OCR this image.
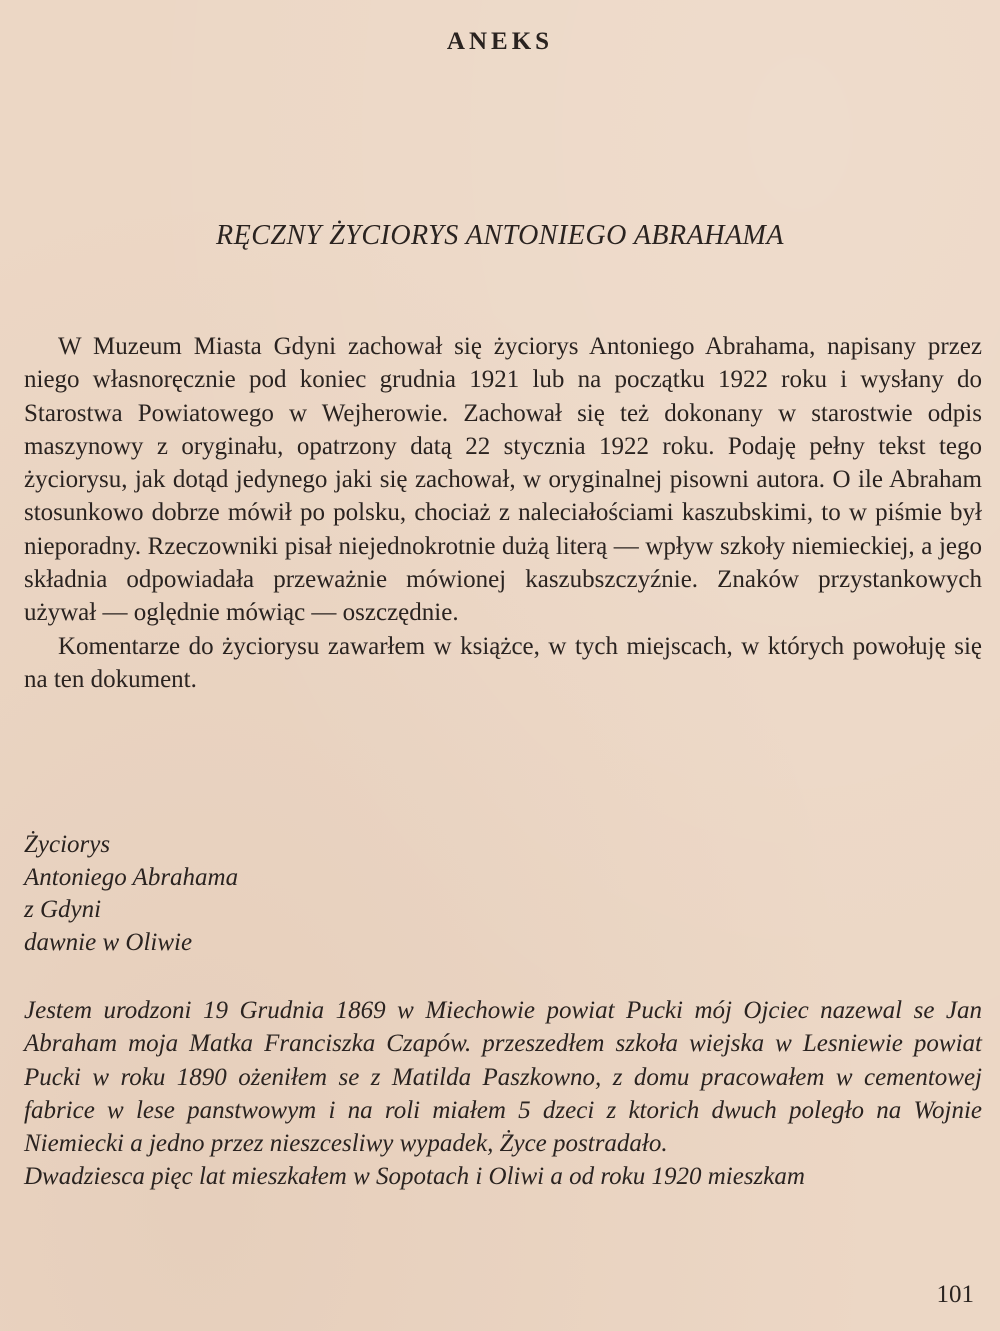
ANEKS
RĘCZNY ŻYCIORYS ANTONIEGO ABRAHAMA

W Muzeum Miasta Gdyni zachował się życiorys Antoniego Abrahama, napisany przez niego własnoręcznie pod koniec grudnia 1921 lub na początku 1922 roku i wysłany do Starostwa Powiatowego w Wejherowie. Zachował się też dokonany w starostwie odpis maszynowy z oryginału, opatrzony datą 22 stycznia 1922 roku. Podaję pełny tekst tego życiorysu, jak dotąd jedynego jaki się zachował, w oryginalnej pisowni autora. O ile Abraham stosunkowo dobrze mówił po polsku, chociaż z naleciałościami kaszubskimi, to w piśmie był nieporadny. Rzeczowniki pisał niejednokrotnie dużą literą — wpływ szkoły niemieckiej, a jego składnia odpowiadała przeważnie mówionej kaszubszczyźnie. Znaków przystankowych używał — oględnie mówiąc — oszczędnie.

Komentarze do życiorysu zawarłem w książce, w tych miejscach, w których powołuję się na ten dokument.

Życiorys
Antoniego Abrahama
z Gdyni
dawnie w Oliwie

Jestem urodzoni 19 Grudnia 1869 w Miechowie powiat Pucki mój Ojciec nazewal se Jan Abraham moja Matka Franciszka Czapów. przeszedłem szkoła wiejska w Lesniewie powiat Pucki w roku 1890 ożeniłem se z Matilda Paszkowno, z domu pracowałem w cementowej fabrice w lese panstwowym i na roli miałem 5 dzeci z ktorich dwuch poległo na Wojnie Niemiecki a jedno przez nieszcesliwy wypadek, Życe postradało.

Dwadziesca pięc lat mieszkałem w Sopotach i Oliwi a od roku 1920 mieszkam

101
